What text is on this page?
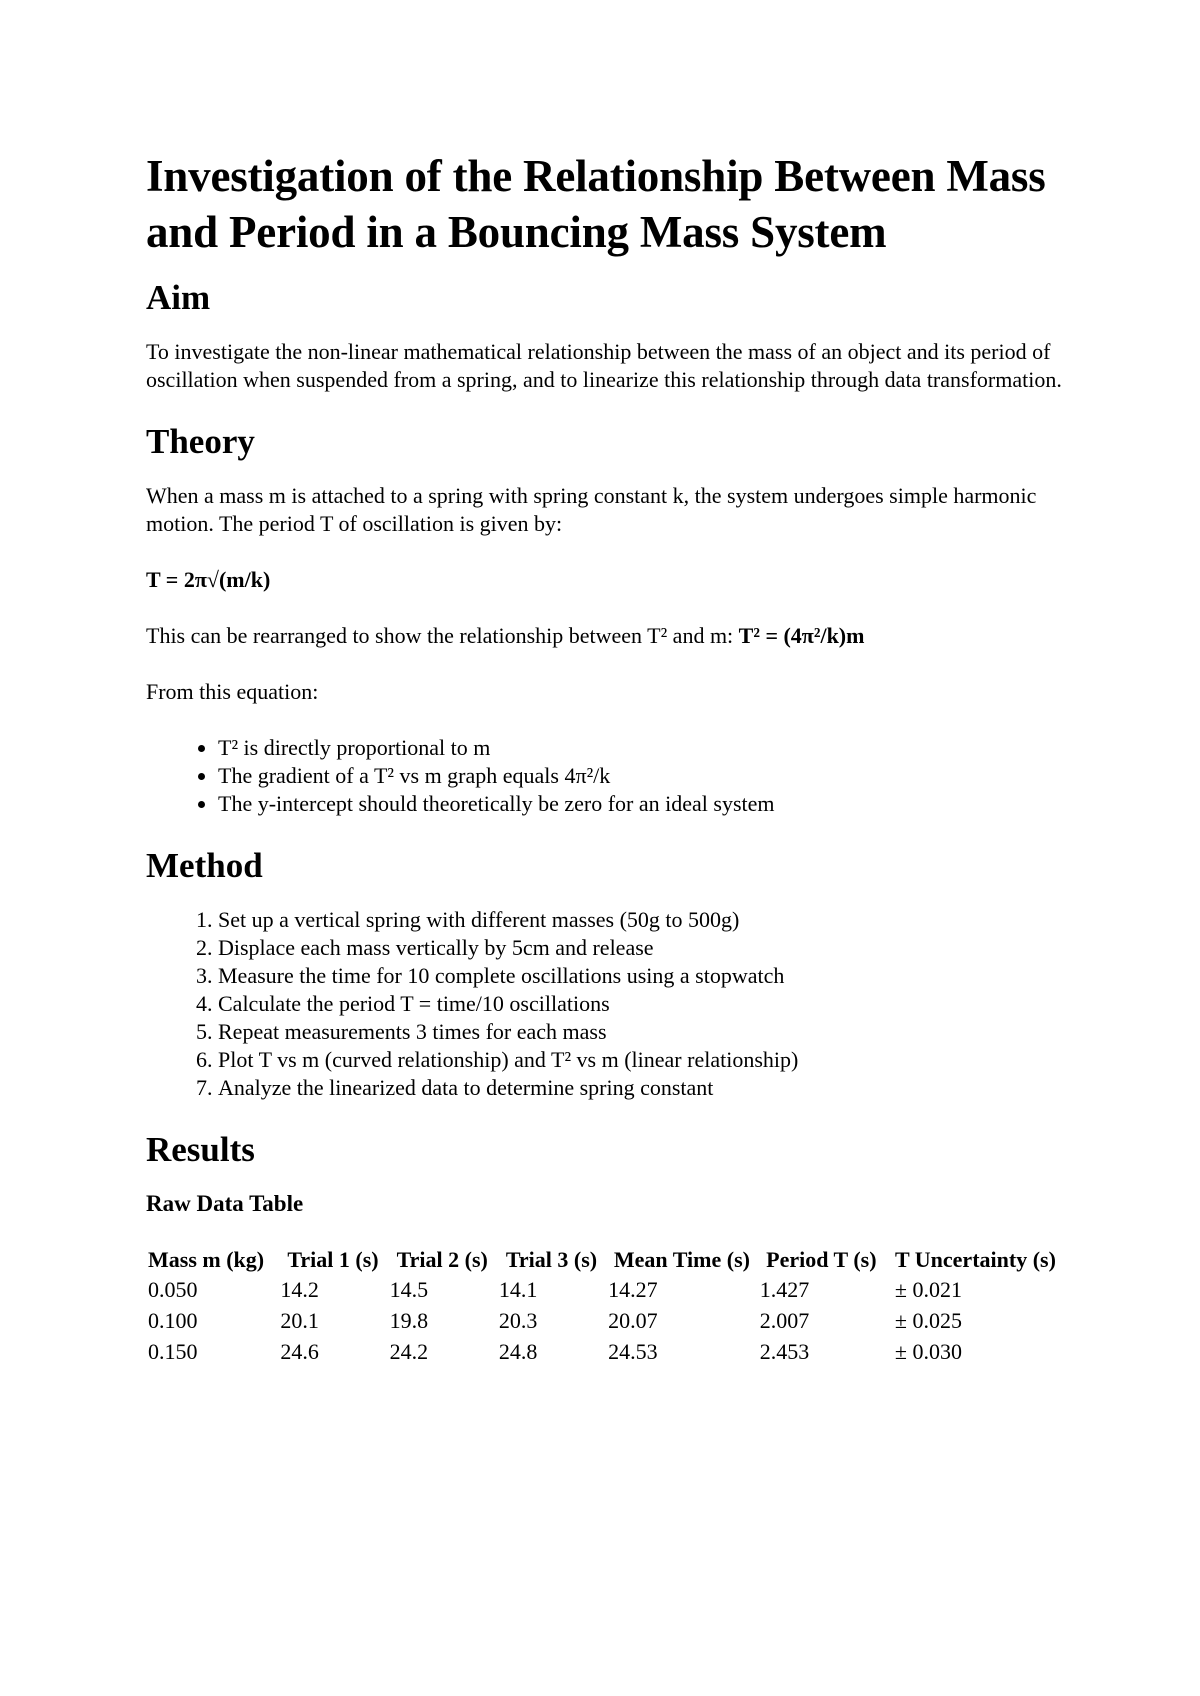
Investigation of the Relationship Between Mass and Period in a Bouncing Mass System
Aim

To investigate the non-linear mathematical relationship between the mass of an object and its period of oscillation when suspended from a spring, and to linearize this relationship through data transformation.

Theory

When a mass m is attached to a spring with spring constant k, the system undergoes simple harmonic motion. The period T of oscillation is given by:

T = 2π√(m/k)

This can be rearranged to show the relationship between T² and m: T² = (4π²/k)m

From this equation:

• T² is directly proportional to m
• The gradient of a T² vs m graph equals 4π²/k
• The y-intercept should theoretically be zero for an ideal system
Method
1. Set up a vertical spring with different masses (50g to 500g)
2. Displace each mass vertically by 5cm and release
3. Measure the time for 10 complete oscillations using a stopwatch
4. Calculate the period T = time/10 oscillations
5. Repeat measurements 3 times for each mass
6. Plot T vs m (curved relationship) and T² vs m (linear relationship)
7. Analyze the linearized data to determine spring constant
Results
Raw Data Table
Mass m (kg)	Trial 1 (s)	Trial 2 (s)	Trial 3 (s)	Mean Time (s)	Period T (s)	T Uncertainty (s)
0.050	14.2	14.5	14.1	14.27	1.427	± 0.021
0.100	20.1	19.8	20.3	20.07	2.007	± 0.025
0.150	24.6	24.2	24.8	24.53	2.453	± 0.030
